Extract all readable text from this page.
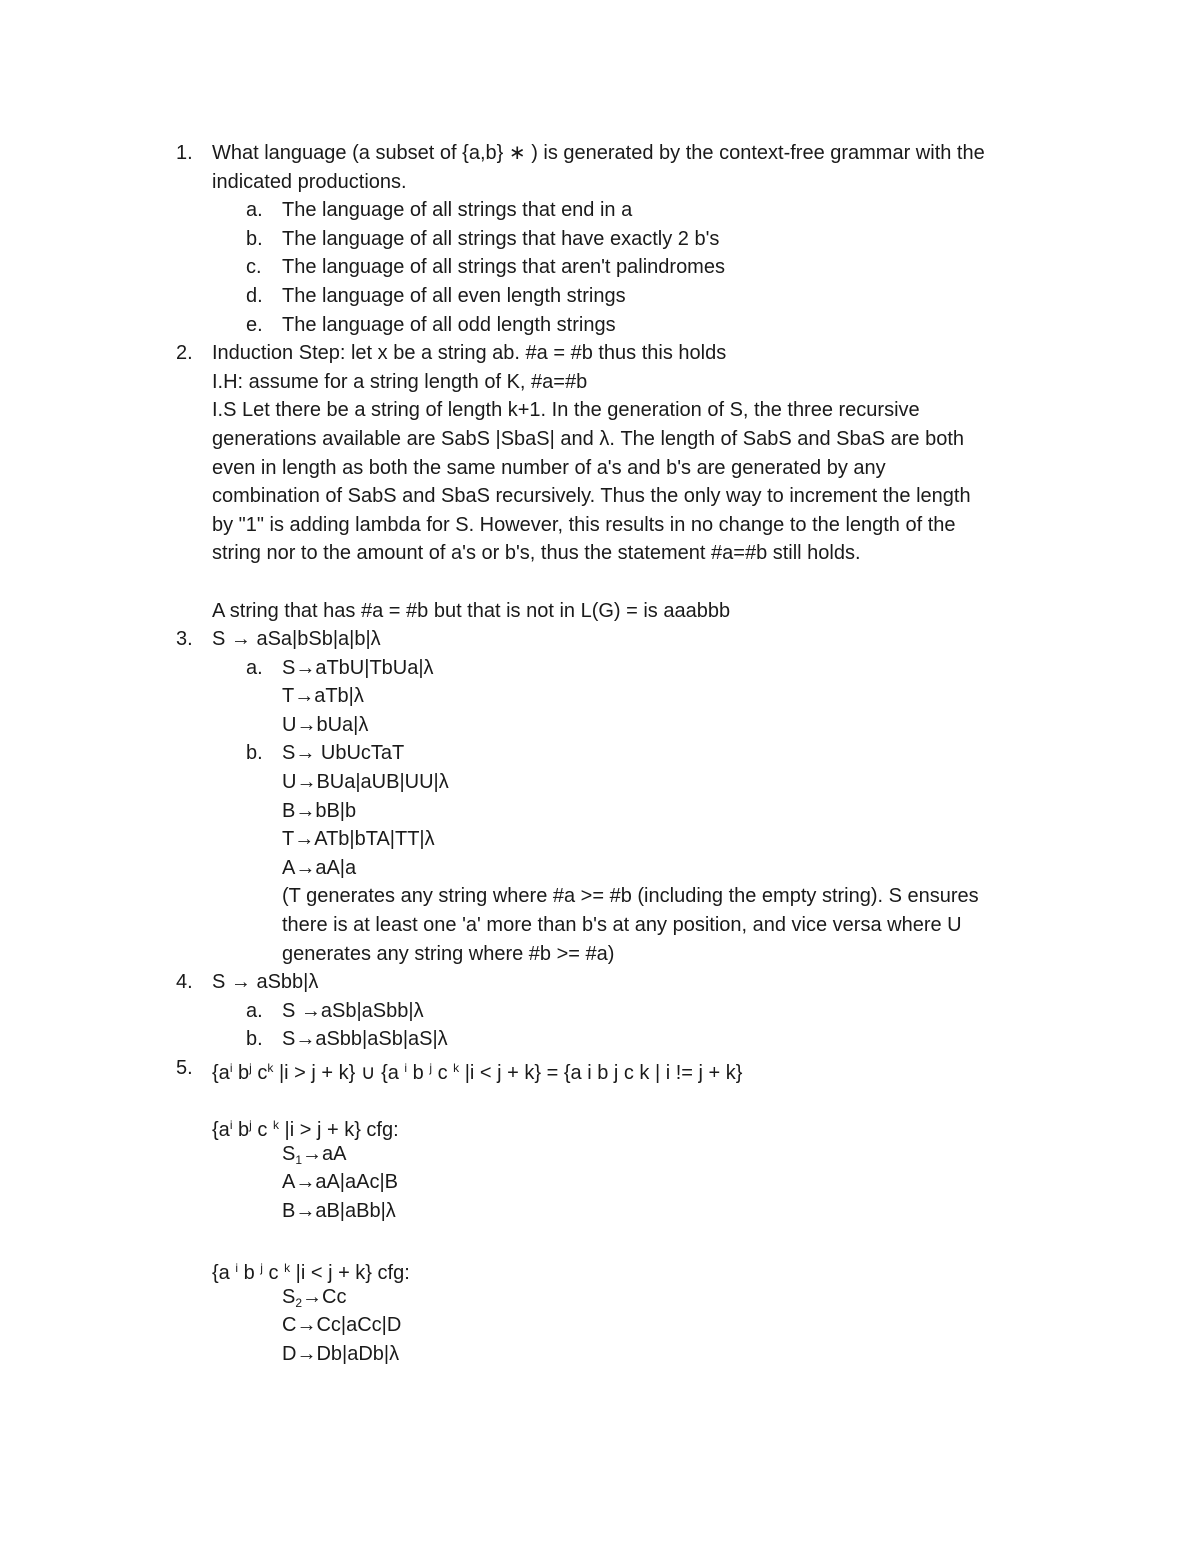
1. What language (a subset of {a,b} ∗ ) is generated by the context-free grammar with the
indicated productions.
a. The language of all strings that end in a
b. The language of all strings that have exactly 2 b's
c. The language of all strings that aren't palindromes
d. The language of all even length strings
e. The language of all odd length strings
2. Induction Step: let x be a string ab. #a = #b thus this holds
I.H: assume for a string length of K, #a=#b
I.S Let there be a string of length k+1. In the generation of S, the three recursive
generations available are SabS |SbaS| and λ. The length of SabS and SbaS are both
even in length as both the same number of a's and b's are generated by any
combination of SabS and SbaS recursively. Thus the only way to increment the length
by "1" is adding lambda for S. However, this results in no change to the length of the
string nor to the amount of a's or b's, thus the statement #a=#b still holds.
A string that has #a = #b but that is not in L(G) = is aaabbb
3. S → aSa|bSb|a|b|λ
a. S→aTbU|TbUa|λ
T→aTb|λ
U→bUa|λ
b. S→ UbUcTaT
U→BUa|aUB|UU|λ
B→bB|b
T→ATb|bTA|TT|λ
A→aA|a
(T generates any string where #a >= #b (including the empty string). S ensures
there is at least one 'a' more than b's at any position, and vice versa where U
generates any string where #b >= #a)
4. S → aSbb|λ
a. S →aSb|aSbb|λ
b. S→aSbb|aSb|aS|λ
5. {$a^i$ $b^j$ $c^k$ |i > j + k} ∪ {a $^i$ b $^j$ c $^k$ |i < j + k} = {a i b j c k | i != j + k}
{$a^i$ $b^j$ c $^k$ |i > j + k} cfg:
$S_1\to aA$
A→aA|aAc|B
B→aB|aBb|λ
{a $^i$ b $^j$ c $^k$ |i < j + k} cfg:
$S_2\to Cc$
C→Cc|aCc|D
D→Db|aDb|λ
